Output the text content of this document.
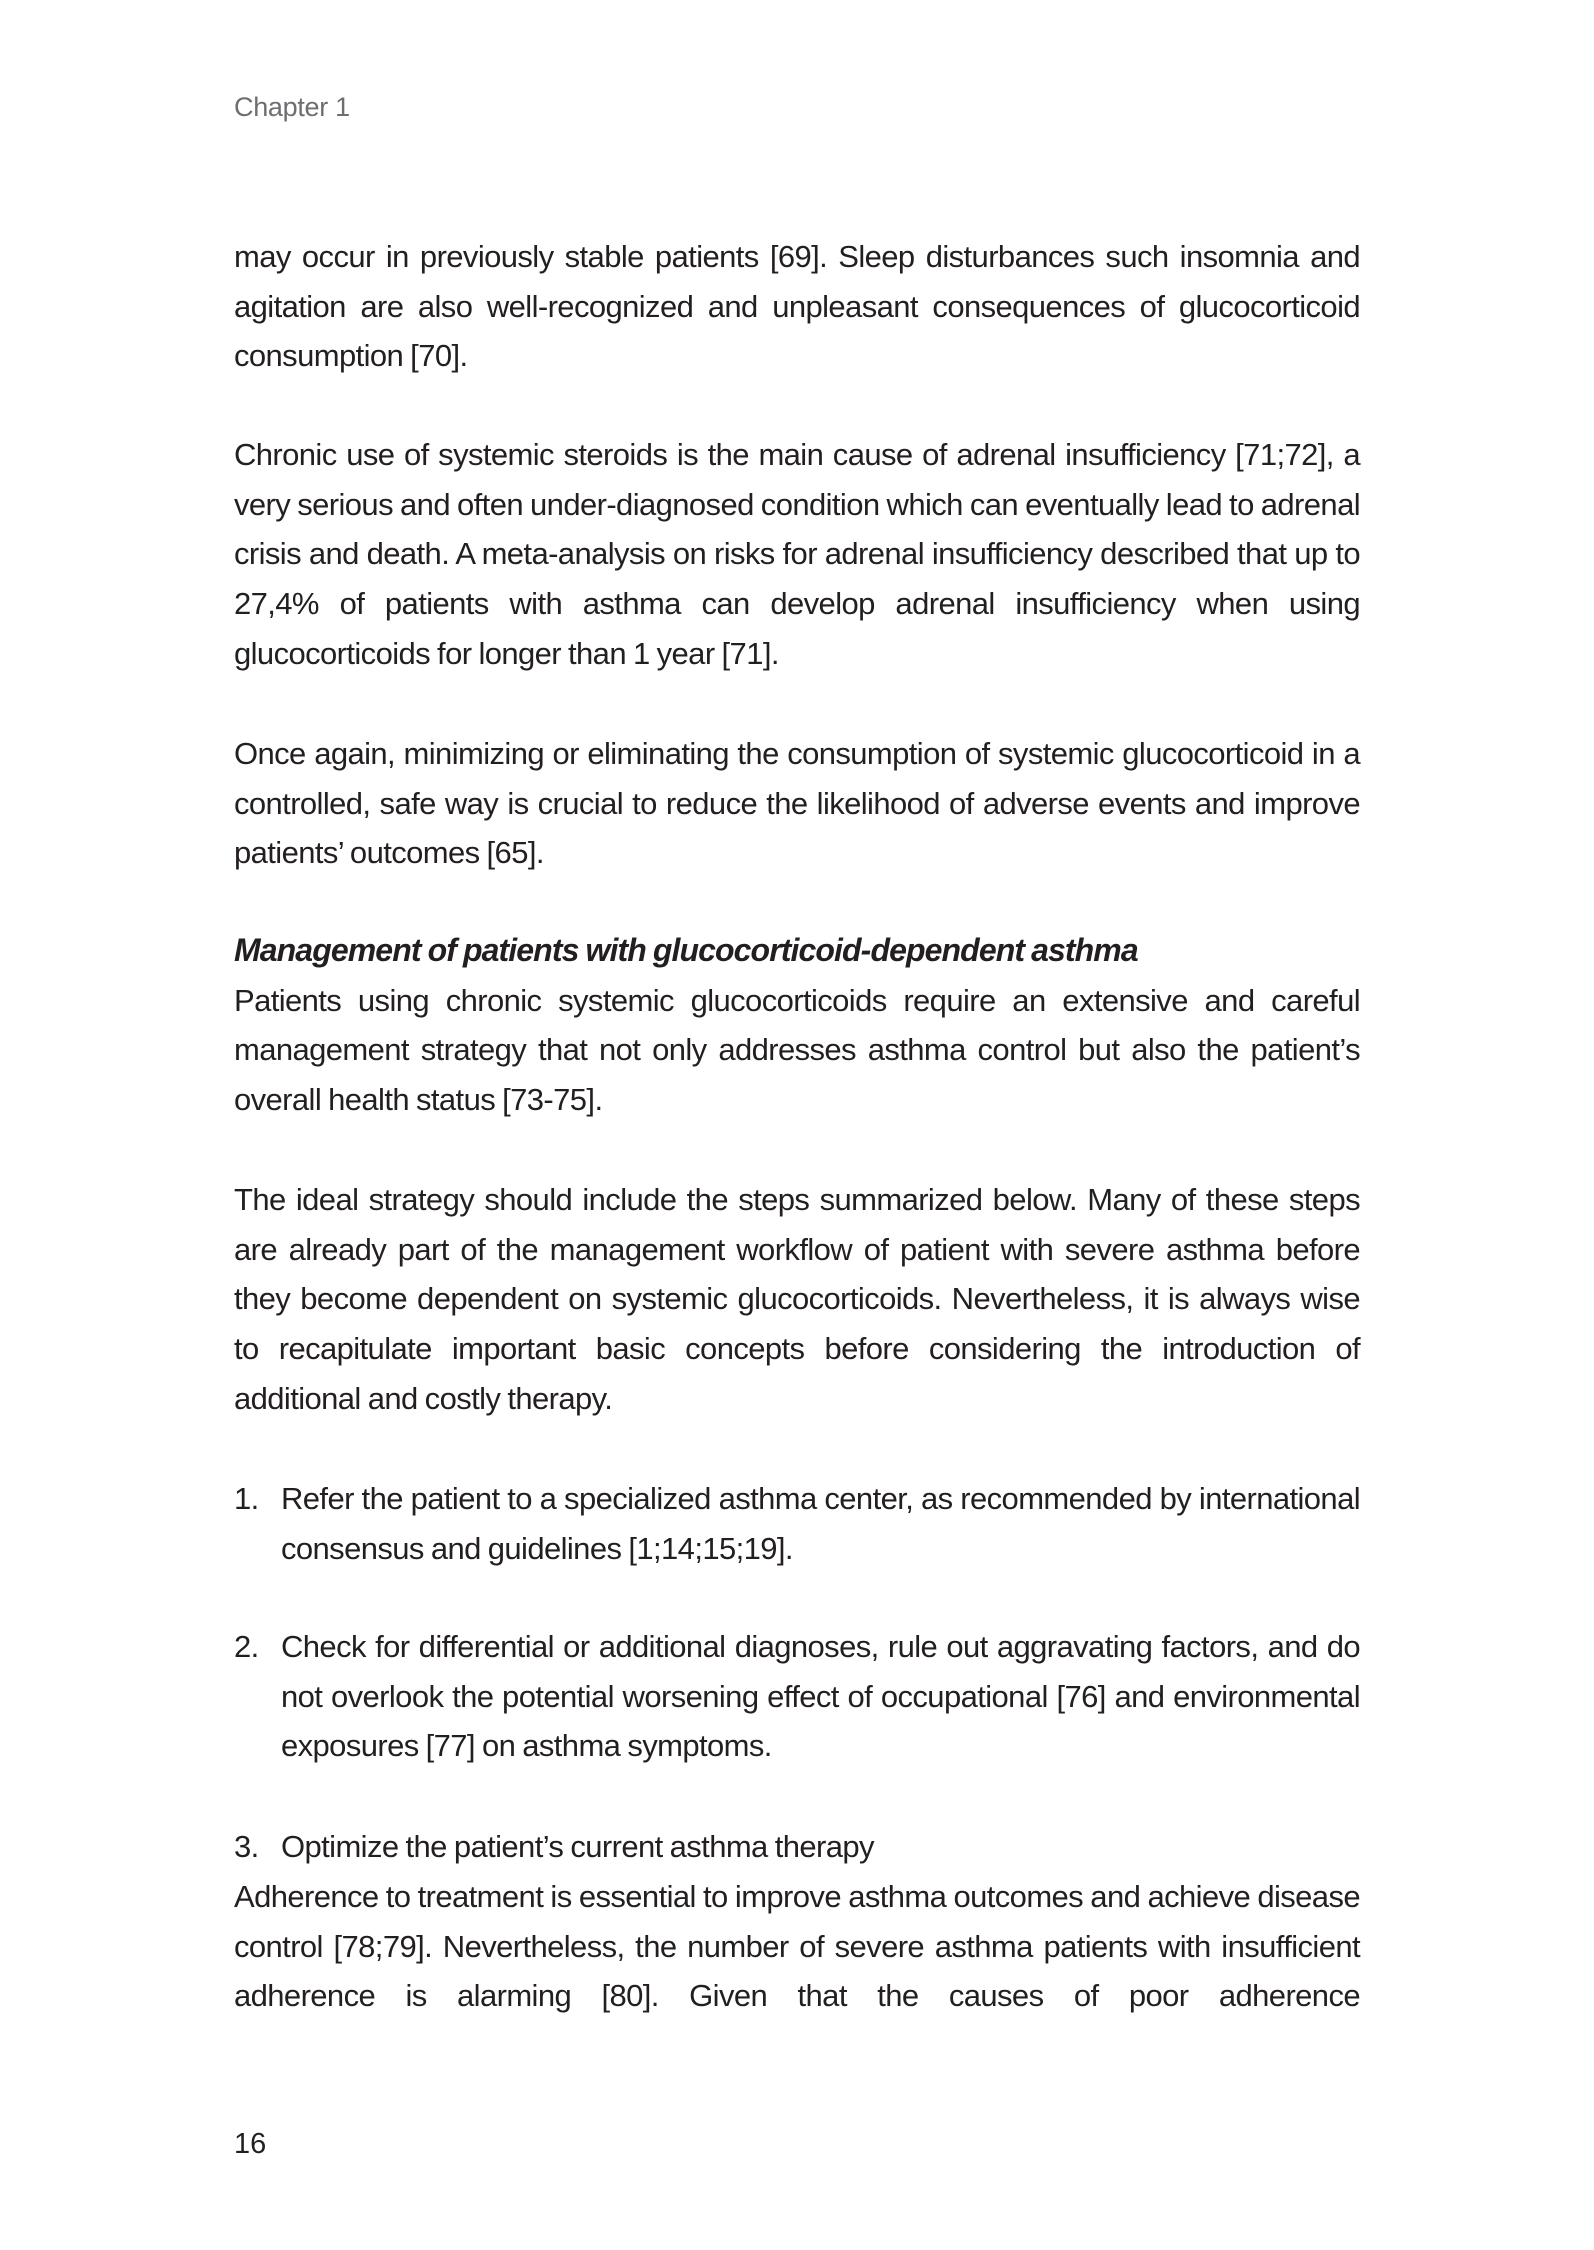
Chapter 1

may occur in previously stable patients [69]. Sleep disturbances such insomnia and agitation are also well-recognized and unpleasant consequences of glucocorticoid consumption [70].

Chronic use of systemic steroids is the main cause of adrenal insufficiency [71;72], a very serious and often under-diagnosed condition which can eventually lead to adrenal crisis and death. A meta-analysis on risks for adrenal insufficiency described that up to 27,4% of patients with asthma can develop adrenal insufficiency when using glucocorticoids for longer than 1 year [71].

Once again, minimizing or eliminating the consumption of systemic glucocorticoid in a controlled, safe way is crucial to reduce the likelihood of adverse events and improve patients’ outcomes [65].

Management of patients with glucocorticoid-dependent asthma

Patients using chronic systemic glucocorticoids require an extensive and careful management strategy that not only addresses asthma control but also the patient’s overall health status [73-75].

The ideal strategy should include the steps summarized below. Many of these steps are already part of the management workflow of patient with severe asthma before they become dependent on systemic glucocorticoids. Nevertheless, it is always wise to recapitulate important basic concepts before considering the introduction of additional and costly therapy.

1. Refer the patient to a specialized asthma center, as recommended by international consensus and guidelines [1;14;15;19].
2. Check for differential or additional diagnoses, rule out aggravating factors, and do not overlook the potential worsening effect of occupational [76] and environmental exposures [77] on asthma symptoms.
3. Optimize the patient’s current asthma therapy

Adherence to treatment is essential to improve asthma outcomes and achieve disease control [78;79]. Nevertheless, the number of severe asthma patients with insufficient adherence is alarming [80]. Given that the causes of poor adherence

16
